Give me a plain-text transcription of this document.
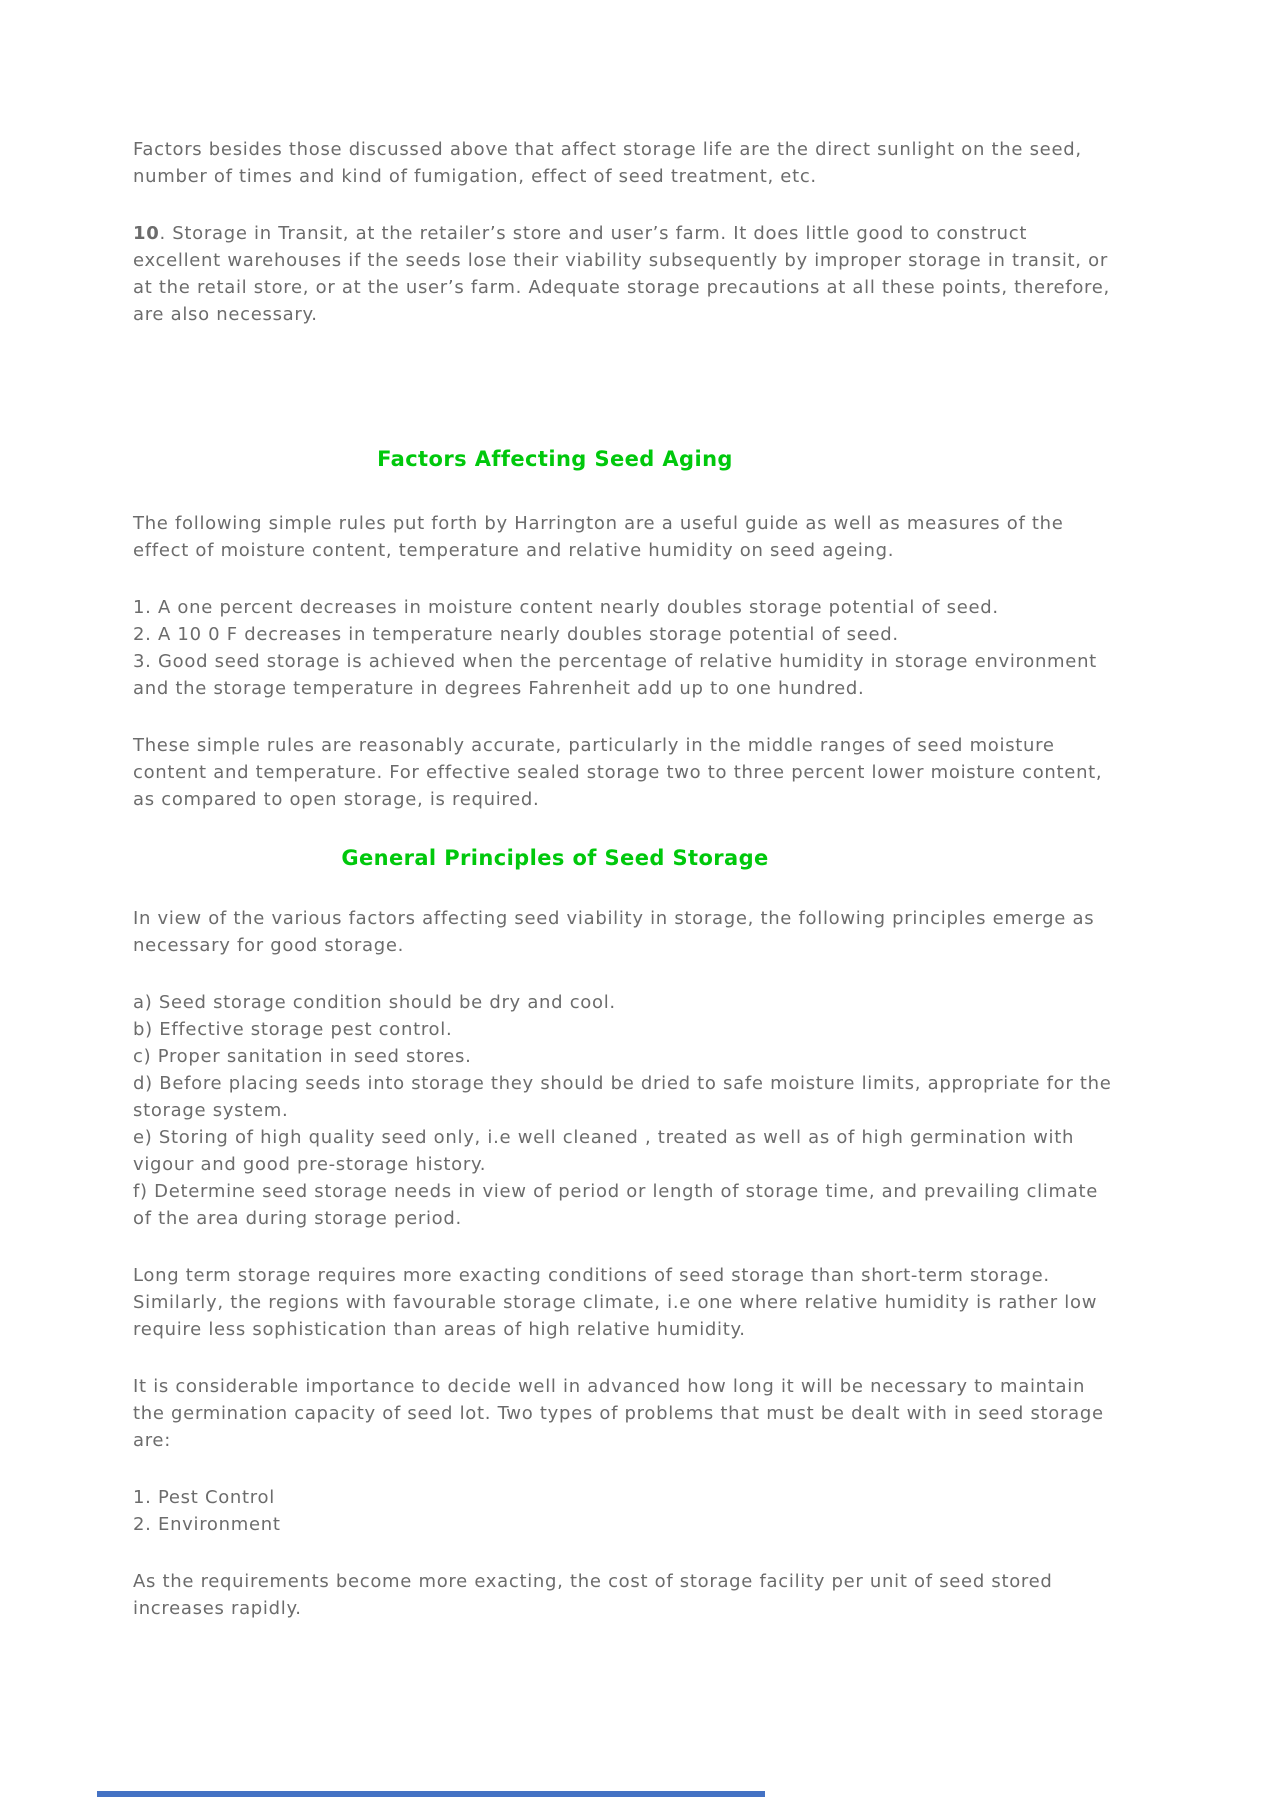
Factors besides those discussed above that affect storage life are the direct sunlight on the seed, number of times and kind of fumigation, effect of seed treatment, etc.

10. Storage in Transit, at the retailer’s store and user’s farm. It does little good to construct excellent warehouses if the seeds lose their viability subsequently by improper storage in transit, or at the retail store, or at the user’s farm. Adequate storage precautions at all these points, therefore, are also necessary.

Factors Affecting Seed Aging

The following simple rules put forth by Harrington are a useful guide as well as measures of the effect of moisture content, temperature and relative humidity on seed ageing.

1. A one percent decreases in moisture content nearly doubles storage potential of seed.
2. A 10 0 F decreases in temperature nearly doubles storage potential of seed.
3. Good seed storage is achieved when the percentage of relative humidity in storage environment and the storage temperature in degrees Fahrenheit add up to one hundred.

These simple rules are reasonably accurate, particularly in the middle ranges of seed moisture content and temperature. For effective sealed storage two to three percent lower moisture content, as compared to open storage, is required.

General Principles of Seed Storage

In view of the various factors affecting seed viability in storage, the following principles emerge as necessary for good storage.

a) Seed storage condition should be dry and cool.
b) Effective storage pest control.
c) Proper sanitation in seed stores.
d) Before placing seeds into storage they should be dried to safe moisture limits, appropriate for the storage system.
e) Storing of high quality seed only, i.e well cleaned , treated as well as of high germination with vigour and good pre-storage history.
f) Determine seed storage needs in view of period or length of storage time, and prevailing climate of the area during storage period.

Long term storage requires more exacting conditions of seed storage than short-term storage. Similarly, the regions with favourable storage climate, i.e one where relative humidity is rather low require less sophistication than areas of high relative humidity.

It is considerable importance to decide well in advanced how long it will be necessary to maintain the germination capacity of seed lot. Two types of problems that must be dealt with in seed storage are:

1. Pest Control
2. Environment

As the requirements become more exacting, the cost of storage facility per unit of seed stored increases rapidly.
